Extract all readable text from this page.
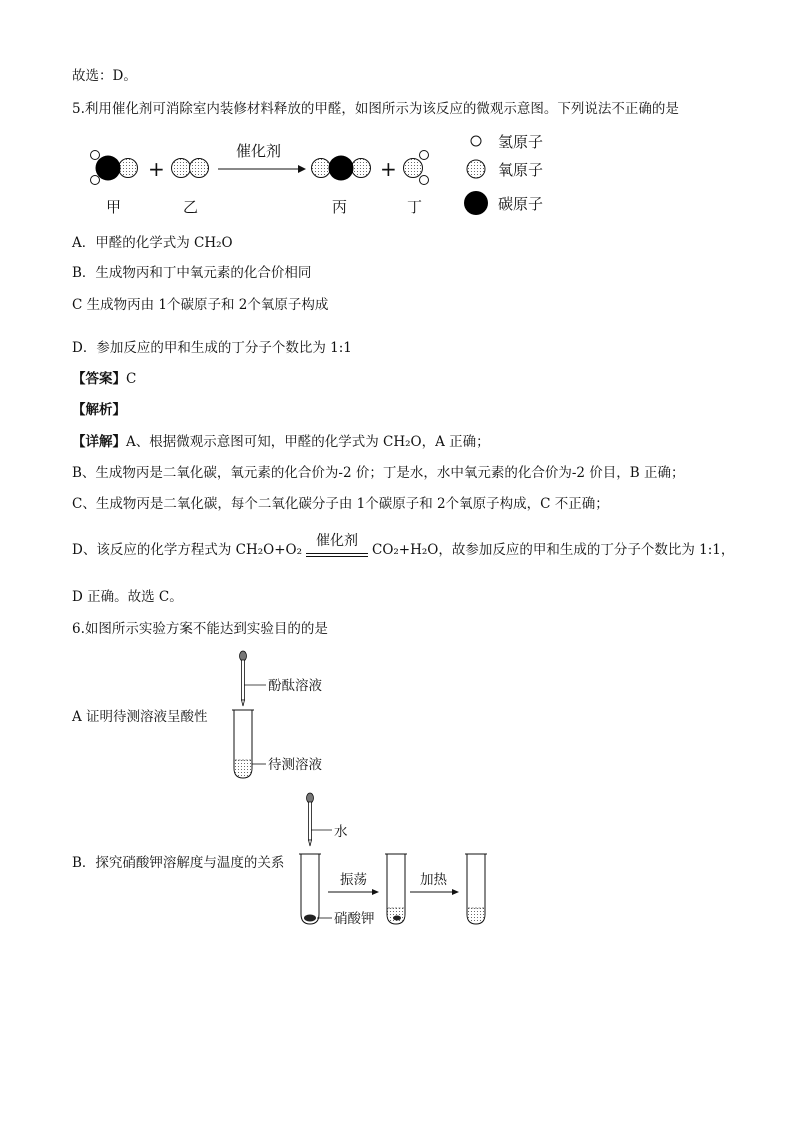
故选：D。
5.利用催化剂可消除室内装修材料释放的甲醛，如图所示为该反应的微观示意图。下列说法不正确的是
+
催化剂
+
甲	乙	丙	丁
氢原子
氧原子
碳原子
A．甲醛的化学式为 CH₂O
B．生成物丙和丁中氧元素的化合价相同
C 生成物丙由 1个碳原子和 2个氧原子构成
D．参加反应的甲和生成的丁分子个数比为 1:1
【答案】C
【解析】
【详解】A、根据微观示意图可知，甲醛的化学式为 CH₂O，A 正确；
B、生成物丙是二氧化碳，氧元素的化合价为-2 价；丁是水，水中氧元素的化合价为-2 价目，B 正确；
C、生成物丙是二氧化碳，每个二氧化碳分子由 1个碳原子和 2个氧原子构成，C 不正确；
D、该反应的化学方程式为 CH₂O+O₂
催化剂
CO₂+H₂O，故参加反应的甲和生成的丁分子个数比为 1:1，
D 正确。故选 C。
6.如图所示实验方案不能达到实验目的的是
A 证明待测溶液呈酸性
酚酞溶液
待测溶液
B．探究硝酸钾溶解度与温度的关系
水
硝酸钾
振荡	加热
